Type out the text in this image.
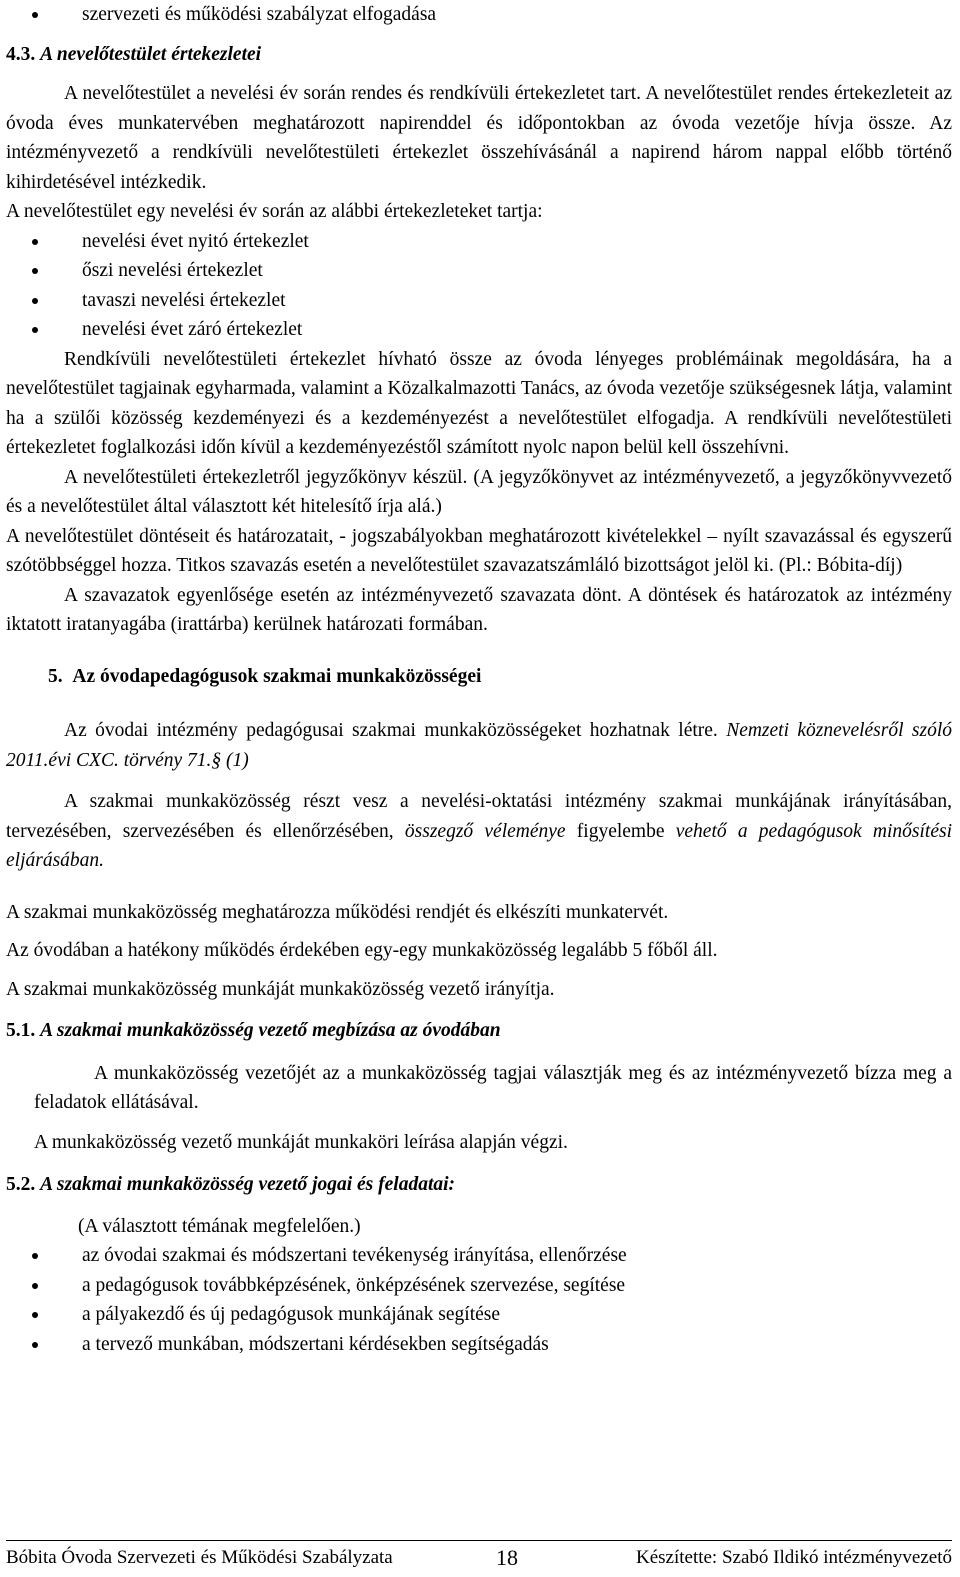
szervezeti és működési szabályzat elfogadása

4.3. A nevelőtestület értekezletei

A nevelőtestület a nevelési év során rendes és rendkívüli értekezletet tart. A nevelőtestület rendes értekezleteit az óvoda éves munkatervében meghatározott napirenddel és időpontokban az óvoda vezetője hívja össze. Az intézményvezető a rendkívüli nevelőtestületi értekezlet összehívásánál a napirend három nappal előbb történő kihirdetésével intézkedik.

A nevelőtestület egy nevelési év során az alábbi értekezleteket tartja:

nevelési évet nyitó értekezlet

őszi nevelési értekezlet

tavaszi nevelési értekezlet

nevelési évet záró értekezlet

Rendkívüli nevelőtestületi értekezlet hívható össze az óvoda lényeges problémáinak megoldására, ha a nevelőtestület tagjainak egyharmada, valamint a Közalkalmazotti Tanács, az óvoda vezetője szükségesnek látja, valamint ha a szülői közösség kezdeményezi és a kezdeményezést a nevelőtestület elfogadja. A rendkívüli nevelőtestületi értekezletet foglalkozási időn kívül a kezdeményezéstől számított nyolc napon belül kell összehívni.

A nevelőtestületi értekezletről jegyzőkönyv készül. (A jegyzőkönyvet az intézményvezető, a jegyzőkönyvvezető és a nevelőtestület által választott két hitelesítő írja alá.)

A nevelőtestület döntéseit és határozatait, - jogszabályokban meghatározott kivételekkel – nyílt szavazással és egyszerű szótöbbséggel hozza. Titkos szavazás esetén a nevelőtestület szavazatszámláló bizottságot jelöl ki. (Pl.: Bóbita-díj)

A szavazatok egyenlősége esetén az intézményvezető szavazata dönt. A döntések és határozatok az intézmény iktatott iratanyagába (irattárba) kerülnek határozati formában.

5. Az óvodapedagógusok szakmai munkaközösségei

Az óvodai intézmény pedagógusai szakmai munkaközösségeket hozhatnak létre. Nemzeti köznevelésről szóló 2011.évi CXC. törvény 71.§ (1)

A szakmai munkaközösség részt vesz a nevelési-oktatási intézmény szakmai munkájának irányításában, tervezésében, szervezésében és ellenőrzésében, összegző véleménye figyelembe vehető a pedagógusok minősítési eljárásában.

A szakmai munkaközösség meghatározza működési rendjét és elkészíti munkatervét.

Az óvodában a hatékony működés érdekében egy-egy munkaközösség legalább 5 főből áll.

A szakmai munkaközösség munkáját munkaközösség vezető irányítja.

5.1. A szakmai munkaközösség vezető megbízása az óvodában

A munkaközösség vezetőjét az a munkaközösség tagjai választják meg és az intézményvezető bízza meg a feladatok ellátásával.

A munkaközösség vezető munkáját munkaköri leírása alapján végzi.

5.2. A szakmai munkaközösség vezető jogai és feladatai:

(A választott témának megfelelően.)

az óvodai szakmai és módszertani tevékenység irányítása, ellenőrzése

a pedagógusok továbbképzésének, önképzésének szervezése, segítése

a pályakezdő és új pedagógusok munkájának segítése

a tervező munkában, módszertani kérdésekben segítségadás

Bóbita Óvoda Szervezeti és Működési Szabályzata	18	Készítette: Szabó Ildikó intézményvezető
